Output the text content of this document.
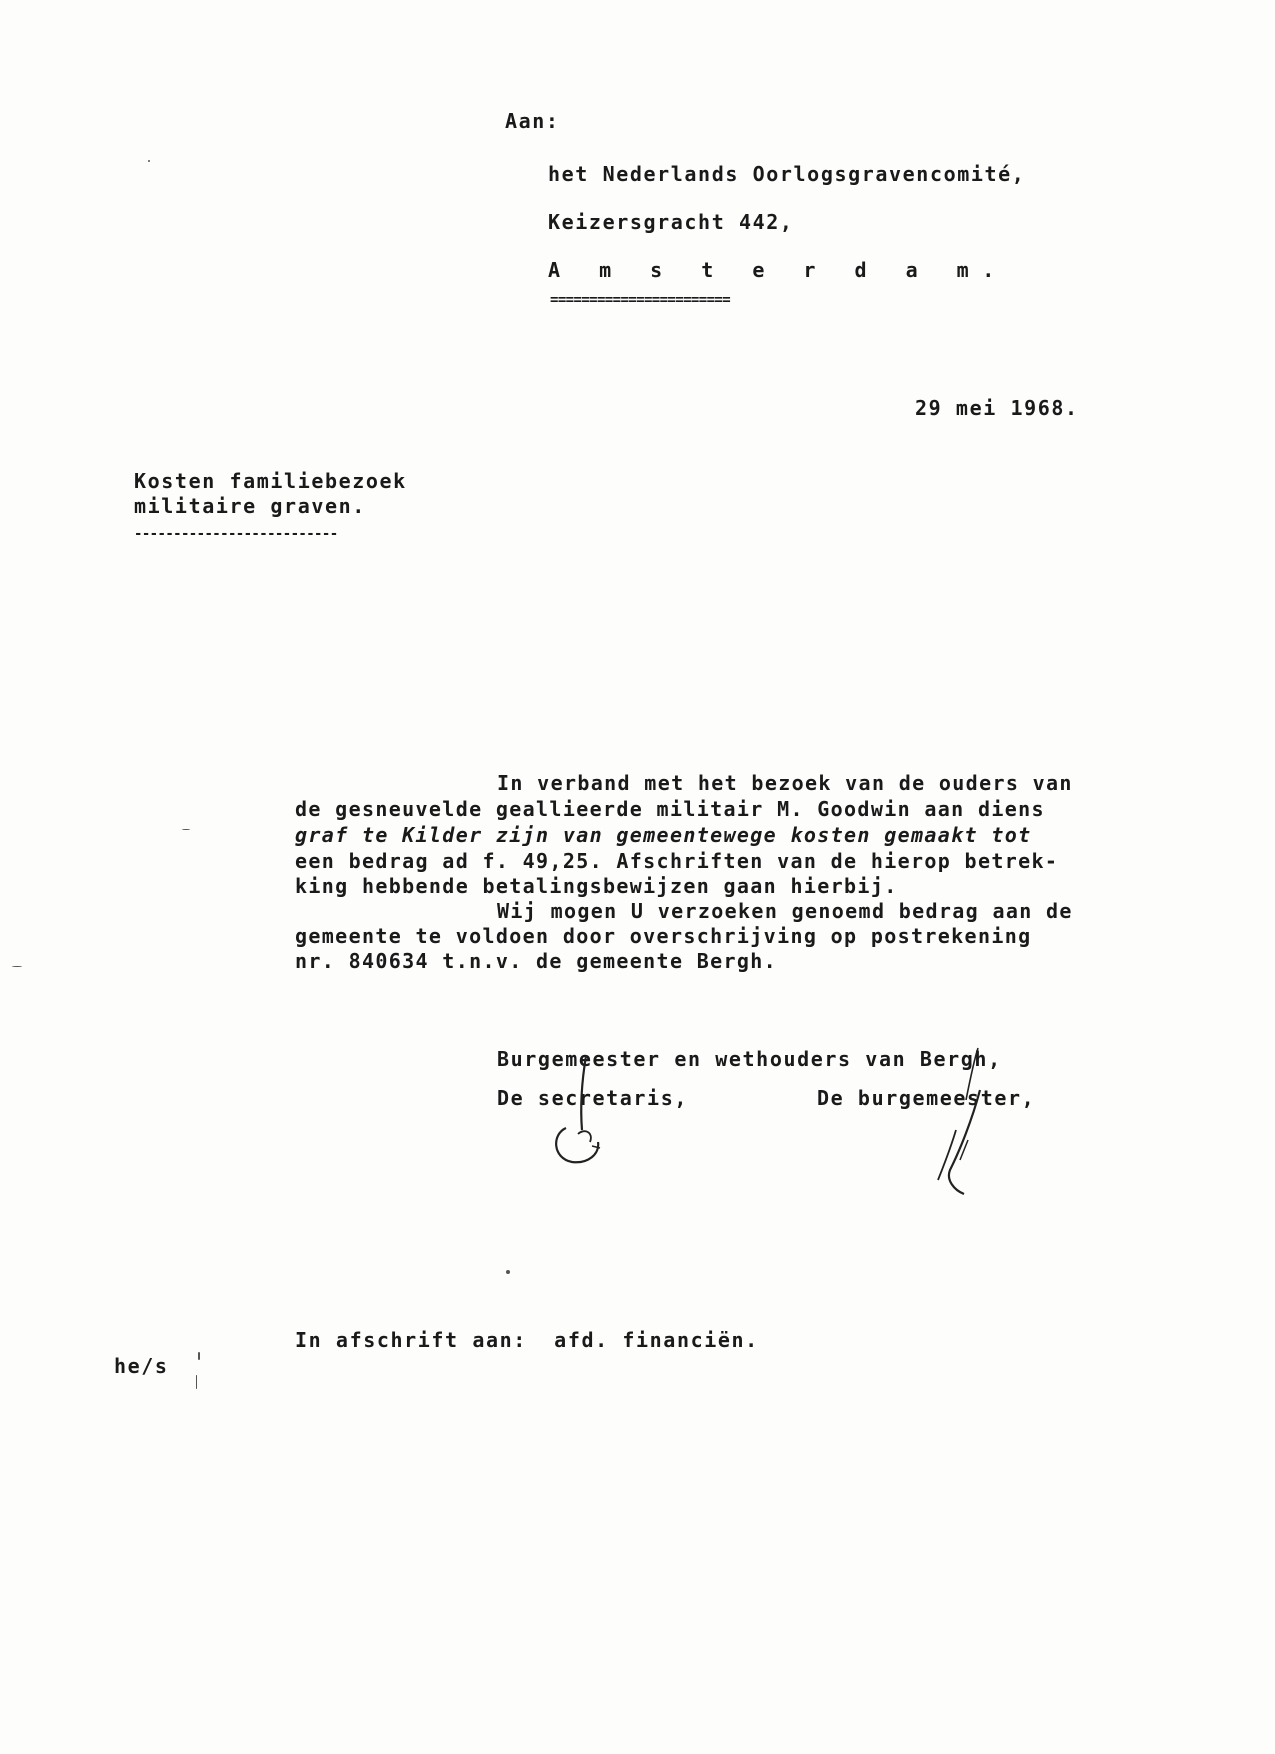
Aan:
het Nederlands Oorlogsgravencomité,
Keizersgracht 442,
A m s t e r d a m.
=======================
29 mei 1968.
Kosten familiebezoek
militaire graven.
--------------------------
In verband met het bezoek van de ouders van
de gesneuvelde geallieerde militair M. Goodwin aan diens
graf te Kilder zijn van gemeentewege kosten gemaakt tot
een bedrag ad f. 49,25. Afschriften van de hierop betrek-
king hebbende betalingsbewijzen gaan hierbij.
Wij mogen U verzoeken genoemd bedrag aan de
gemeente te voldoen door overschrijving op postrekening
nr. 840634 t.n.v. de gemeente Bergh.
Burgemeester en wethouders van Bergh,
De secretaris,	De burgemeester,
In afschrift aan:  afd. financiën.
he/s
